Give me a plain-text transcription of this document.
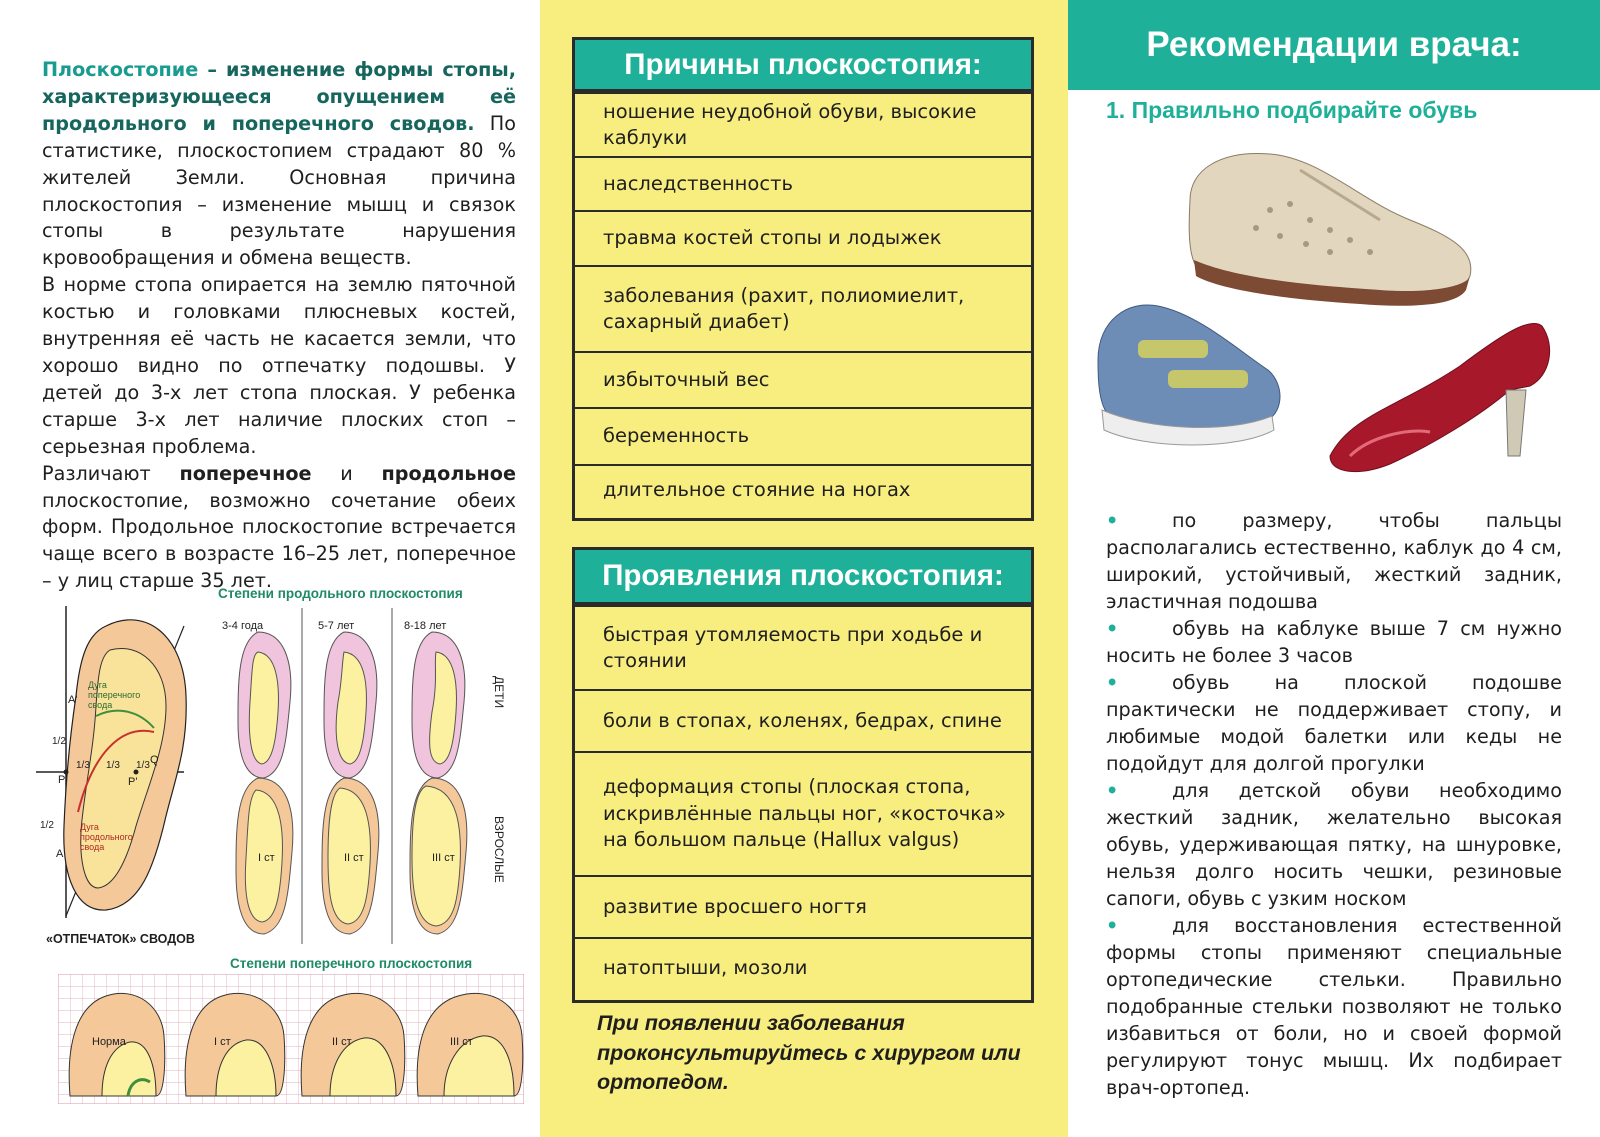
Плоскостопие – изменение формы стопы, характеризующееся опущением её продольного и поперечного сводов. По статистике, плоскостопием страдают 80 % жителей Земли. Основная причина плоскостопия – изменение мышц и связок стопы в результате нарушения кровообращения и обмена веществ.

В норме стопа опирается на землю пяточной костью и головками плюсневых костей, внутренняя её часть не касается земли, что хорошо видно по отпечатку подошвы. У детей до 3-х лет стопа плоская. У ребенка старше 3-х лет наличие плоских стоп – серьезная проблема.

Различают поперечное и продольное плоскостопие, возможно сочетание обеих форм. Продольное плоскостопие встречается чаще всего в возрасте 16–25 лет, поперечное – у лиц старше 35 лет.

A'
Дуга поперечного свода
Дуга продольного свода
1/2
1/2
1/3 1/3 1/3
P	P'
Q
A
«ОТПЕЧАТОК» СВОДОВ
Степени продольного плоскостопия
3-4 года	5-7 лет	8-18 лет
ДЕТИ
ВЗРОСЛЫЕ
I ст	II ст	III ст
Степени поперечного плоскостопия
Норма	I ст	II ст	III ст
Причины плоскостопия:
ношение неудобной обуви, высокие каблуки
наследственность
травма костей стопы и лодыжек
заболевания (рахит, полиомиелит, сахарный диабет)
избыточный вес
беременность
длительное стояние на ногах
Проявления плоскостопия:
быстрая утомляемость при ходьбе и стоянии
боли в стопах, коленях, бедрах, спине
деформация стопы (плоская стопа, искривлённые пальцы ног, «косточка» на большом пальце (Hallux valgus)
развитие вросшего ногтя
натоптыши, мозоли
При появлении заболевания проконсультируйтесь с хирургом или ортопедом.
Рекомендации врача:
1. Правильно подбирайте обувь

•	по размеру, чтобы пальцы располагались естественно, каблук до 4 см, широкий, устойчивый, жесткий задник, эластичная подошва

•	обувь на каблуке выше 7 см нужно носить не более 3 часов

•	обувь на плоской подошве практически не поддерживает стопу, и любимые модой балетки или кеды не подойдут для долгой прогулки

•	для детской обуви необходимо жесткий задник, желательно высокая обувь, удерживающая пятку, на шнуровке, нельзя долго носить чешки, резиновые сапоги, обувь с узким носком

•	для восстановления естественной формы стопы применяют специальные ортопедические стельки. Правильно подобранные стельки позволяют не только избавиться от боли, но и своей формой регулируют тонус мышц. Их подбирает врач-ортопед.
